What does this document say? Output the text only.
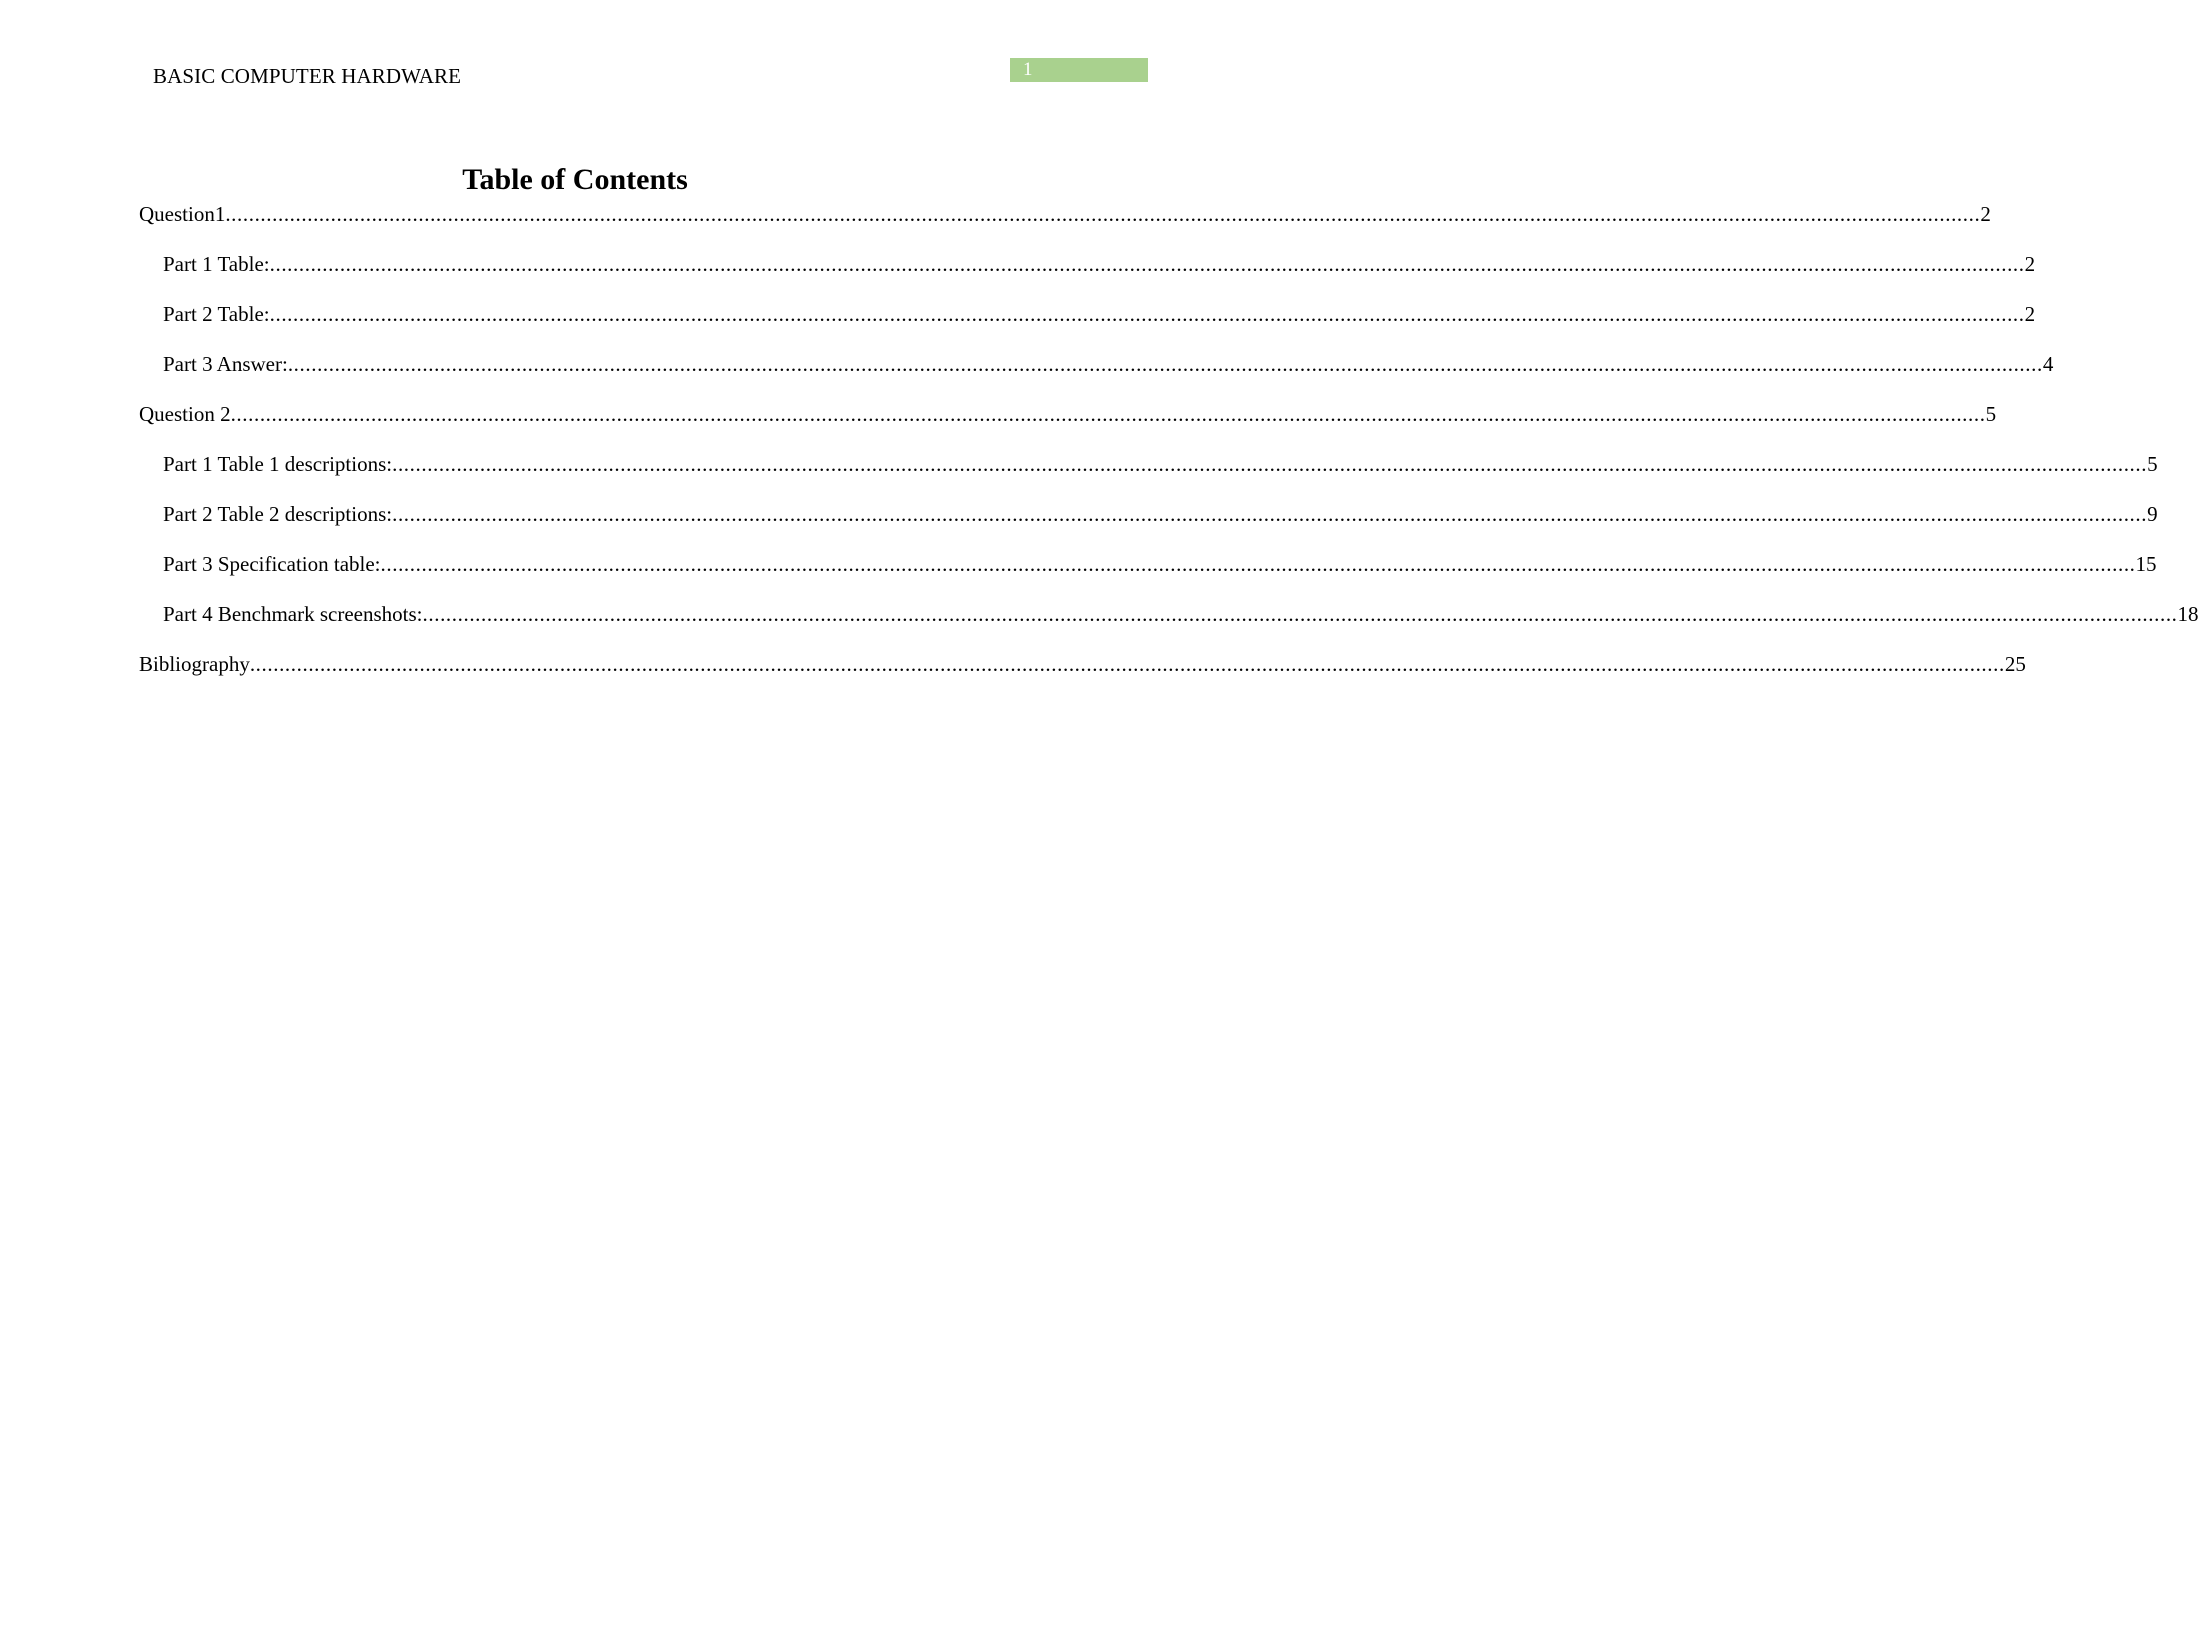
BASIC COMPUTER HARDWARE	1
Table of Contents
Question1 ............................................................................................................................................................................................................................................................................................................ 2
Part 1 Table: ............................................................................................................................................................................................................................................................................................................ 2
Part 2 Table: ............................................................................................................................................................................................................................................................................................................ 2
Part 3 Answer: ............................................................................................................................................................................................................................................................................................................ 4
Question 2 ............................................................................................................................................................................................................................................................................................................ 5
Part 1 Table 1 descriptions: ............................................................................................................................................................................................................................................................................................................ 5
Part 2 Table 2 descriptions: ............................................................................................................................................................................................................................................................................................................ 9
Part 3 Specification table: ............................................................................................................................................................................................................................................................................................................ 15
Part 4 Benchmark screenshots: ............................................................................................................................................................................................................................................................................................................ 18
Bibliography ............................................................................................................................................................................................................................................................................................................ 25
